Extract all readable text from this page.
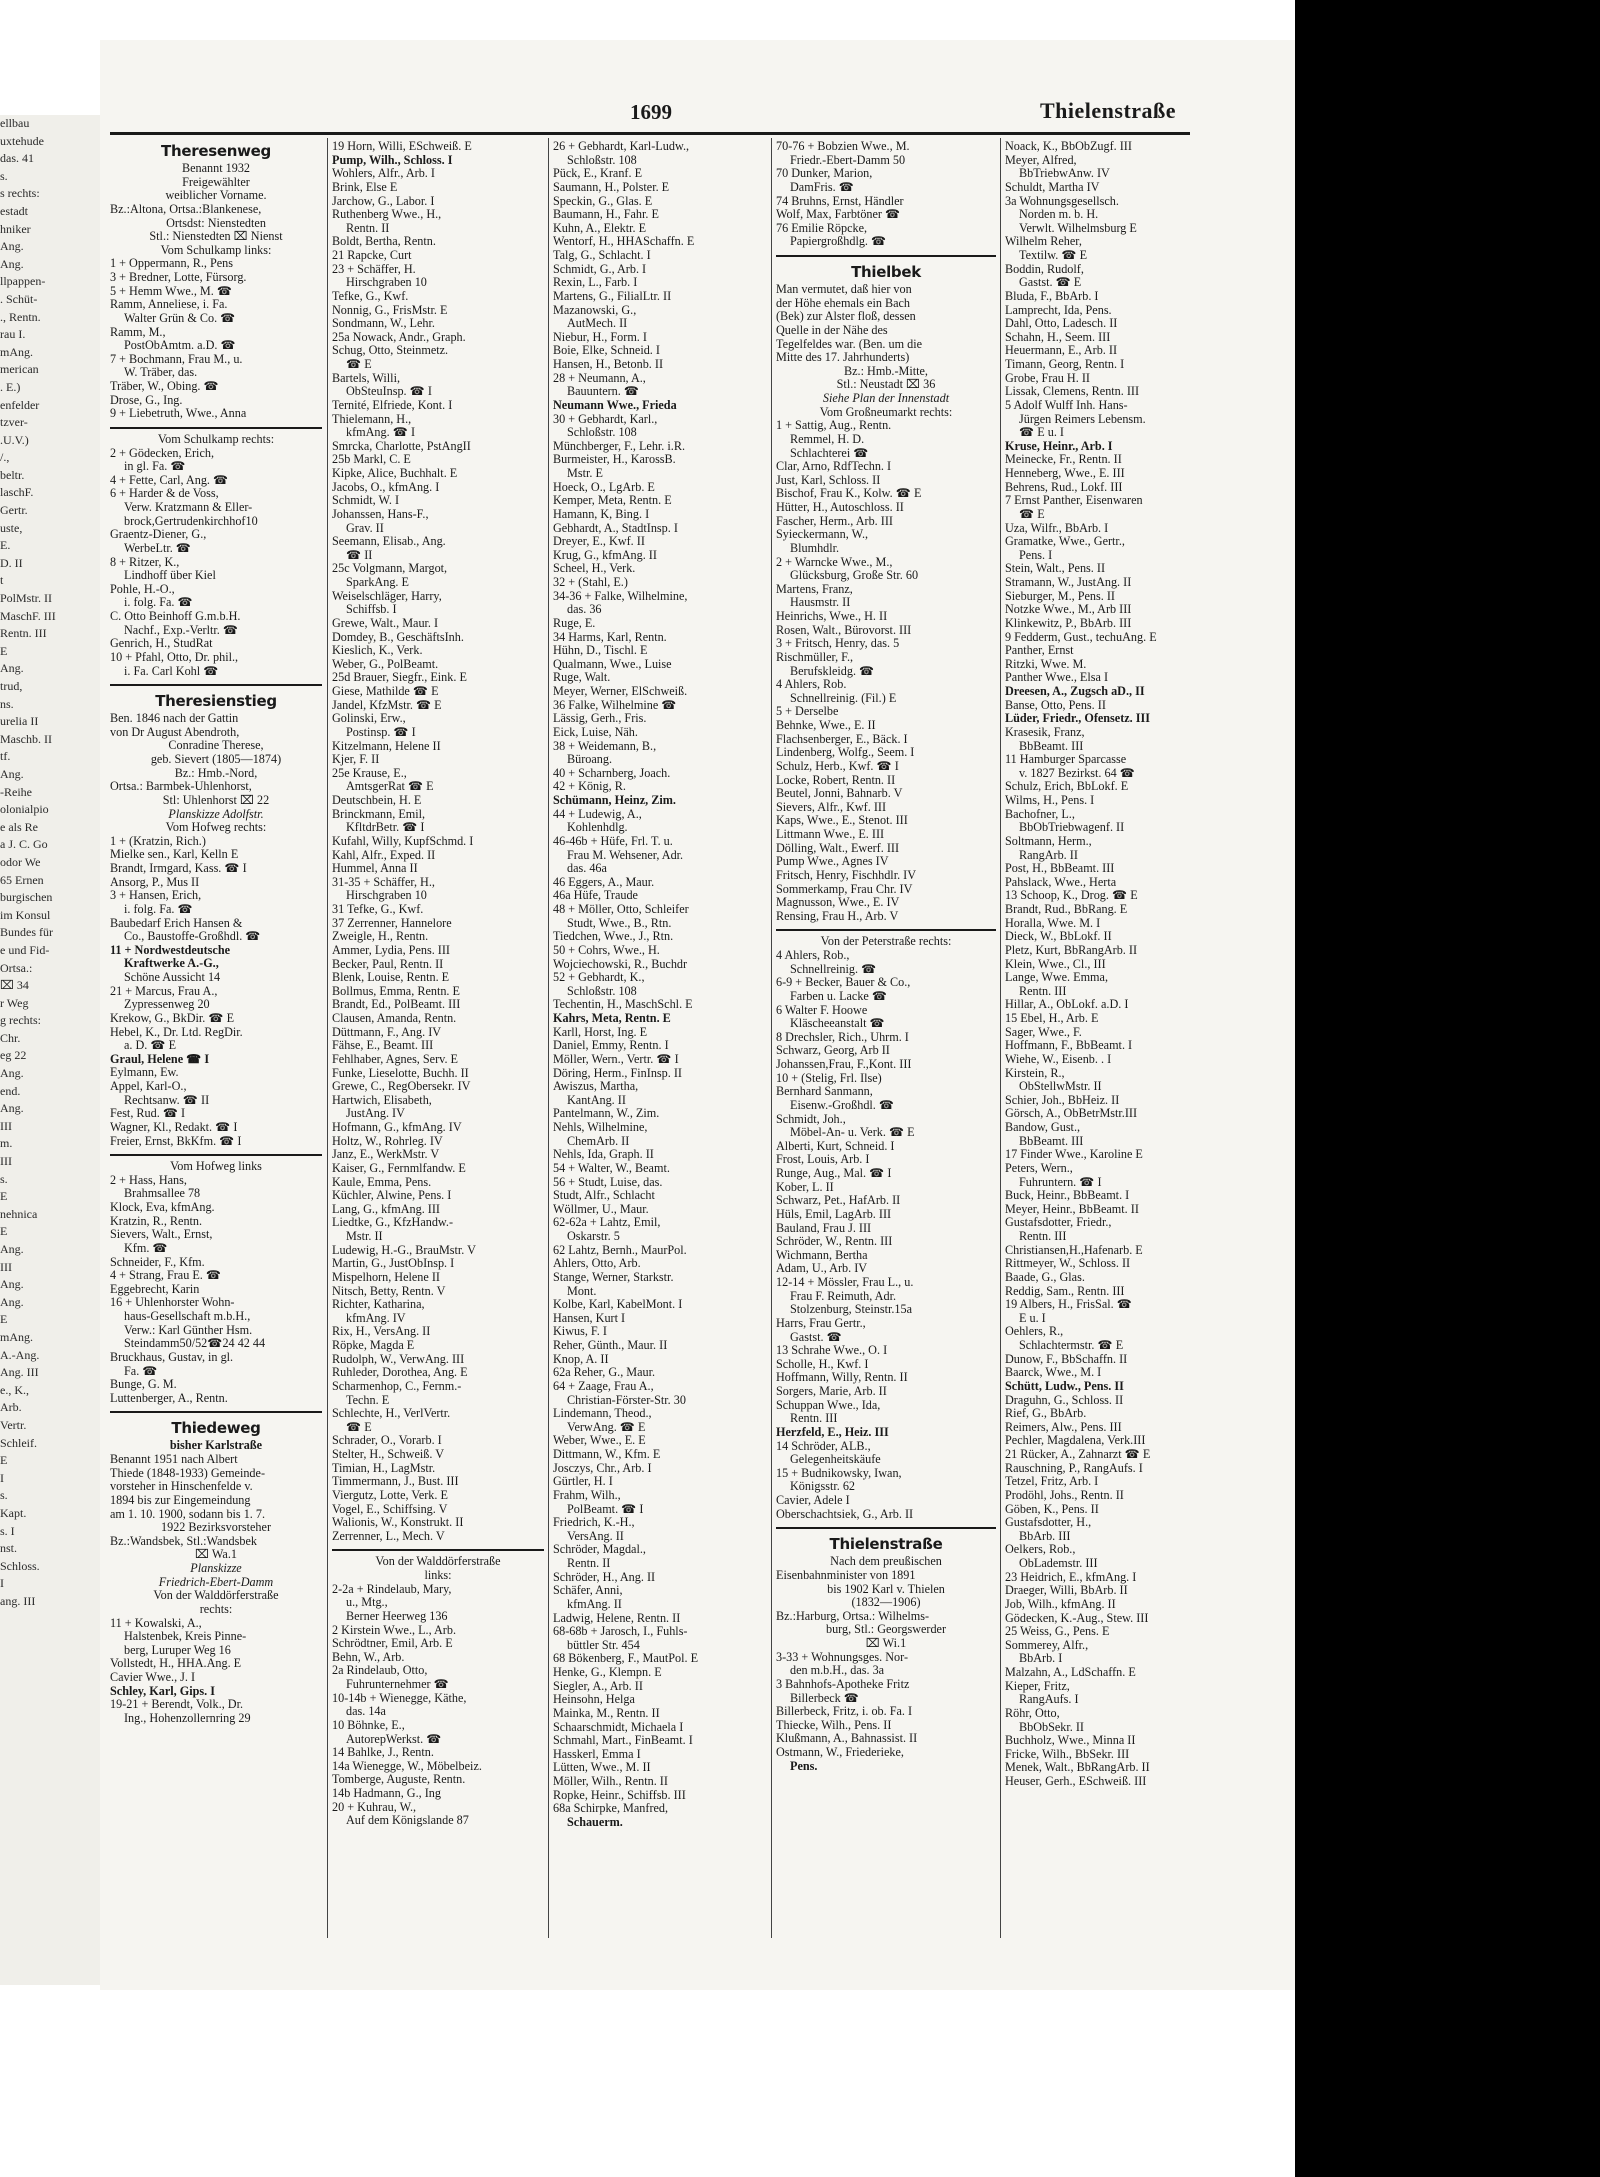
ellbau
uxtehude
das. 41
s.
s rechts:
estadt
hniker
Ang.
Ang.
llpappen-
. Schüt-
., Rentn.
rau I.
mAng.
merican
. E.)
enfelder
tzver-
.U.V.)
/.,
beltr.
laschF.
Gertr.
uste,
E.
D. II
t
PolMstr. II
MaschF. III
Rentn. III
E
Ang.
trud,
ns.
urelia II
Maschb. II
tf.
Ang.
-Reihe
olonialpio
e als Re
a J. C. Go
odor We
65 Ernen
burgischen
im Konsul
Bundes für
e und Fid-
Ortsa.:
⌧ 34
r Weg
g rechts:
Chr.
eg 22
Ang.
end.
Ang.
III
m.
III
s.
E
nehnica
E
Ang.
III
Ang.
Ang.
E
mAng.
A.-Ang.
Ang. III
e., K.,
Arb.
Vertr.
Schleif.
E
I
s.
Kapt.
s. I
nst.
Schloss.
I
ang. III
1699	Thielenstraße
Theresenweg
Benannt 1932
Freigewählter
weiblicher Vorname.
Bz.:Altona, Ortsa.:Blankenese,
Ortsdst: Nienstedten
Stl.: Nienstedten ⌧ Nienst
Vom Schulkamp links:
1 + Oppermann, R., Pens
3 + Bredner, Lotte, Fürsorg.
5 + Hemm Wwe., M. ☎
Ramm, Anneliese, i. Fa.
Walter Grün & Co. ☎
Ramm, M.,
PostObAmtm. a.D. ☎
7 + Bochmann, Frau M., u.
W. Träber, das.
Träber, W., Obing. ☎
Drose, G., Ing.
9 + Liebetruth, Wwe., Anna
Vom Schulkamp rechts:
2 + Gödecken, Erich,
in gl. Fa. ☎
4 + Fette, Carl, Ang. ☎
6 + Harder & de Voss,
Verw. Kratzmann & Eller-
brock,Gertrudenkirchhof10
Graentz-Diener, G.,
WerbeLtr. ☎
8 + Ritzer, K.,
Lindhoff über Kiel
Pohle, H.-O.,
i. folg. Fa. ☎
C. Otto Beinhoff G.m.b.H.
Nachf., Exp.-Verltr. ☎
Genrich, H., StudRat
10 + Pfahl, Otto, Dr. phil.,
i. Fa. Carl Kohl ☎
Theresienstieg
Ben. 1846 nach der Gattin
von Dr August Abendroth,
Conradine Therese,
geb. Sievert (1805—1874)
Bz.: Hmb.-Nord,
Ortsa.: Barmbek-Uhlenhorst,
Stl: Uhlenhorst ⌧ 22
Planskizze Adolfstr.
Vom Hofweg rechts:
1 + (Kratzin, Rich.)
Mielke sen., Karl, Kelln E
Brandt, Irmgard, Kass. ☎ I
Ansorg, P., Mus II
3 + Hansen, Erich,
i. folg. Fa. ☎
Baubedarf Erich Hansen &
Co., Baustoffe-Großhdl. ☎
11 + Nordwestdeutsche
Kraftwerke A.-G.,
Schöne Aussicht 14
21 + Marcus, Frau A.,
Zypressenweg 20
Krekow, G., BkDir. ☎ E
Hebel, K., Dr. Ltd. RegDir.
a. D. ☎ E
Graul, Helene ☎ I
Eylmann, Ew.
Appel, Karl-O.,
Rechtsanw. ☎ II
Fest, Rud. ☎ I
Wagner, Kl., Redakt. ☎ I
Freier, Ernst, BkKfm. ☎ I
Vom Hofweg links
2 + Hass, Hans,
Brahmsallee 78
Klock, Eva, kfmAng.
Kratzin, R., Rentn.
Sievers, Walt., Ernst,
Kfm. ☎
Schneider, F., Kfm.
4 + Strang, Frau E. ☎
Eggebrecht, Karin
16 + Uhlenhorster Wohn-
haus-Gesellschaft m.b.H.,
Verw.: Karl Günther Hsm.
Steindamm50/52☎24 42 44
Bruckhaus, Gustav, in gl.
Fa. ☎
Bunge, G. M.
Luttenberger, A., Rentn.
Thiedeweg
bisher Karlstraße
Benannt 1951 nach Albert
Thiede (1848-1933) Gemeinde-
vorsteher in Hinschenfelde v.
1894 bis zur Eingemeindung
am 1. 10. 1900, sodann bis 1. 7.
1922 Bezirksvorsteher
Bz.:Wandsbek, Stl.:Wandsbek
⌧ Wa.1
Planskizze
Friedrich-Ebert-Damm
Von der Walddörferstraße
rechts:
11 + Kowalski, A.,
Halstenbek, Kreis Pinne-
berg, Luruper Weg 16
Vollstedt, H., HHA.Ang. E
Cavier Wwe., J. I
Schley, Karl, Gips. I
19-21 + Berendt, Volk., Dr.
Ing., Hohenzollernring 29
19 Horn, Willi, ESchweiß. E
Pump, Wilh., Schloss. I
Wohlers, Alfr., Arb. I
Brink, Else E
Jarchow, G., Labor. I
Ruthenberg Wwe., H.,
Rentn. II
Boldt, Bertha, Rentn.
21 Rapcke, Curt
23 + Schäffer, H.
Hirschgraben 10
Tefke, G., Kwf.
Nonnig, G., FrisMstr. E
Sondmann, W., Lehr.
25a Nowack, Andr., Graph.
Schug, Otto, Steinmetz.
☎ E
Bartels, Willi,
ObSteuInsp. ☎ I
Ternité, Elfriede, Kont. I
Thielemann, H.,
kfmAng. ☎ I
Smrcka, Charlotte, PstAngII
25b Markl, C. E
Kipke, Alice, Buchhalt. E
Jacobs, O., kfmAng. I
Schmidt, W. I
Johanssen, Hans-F.,
Grav. II
Seemann, Elisab., Ang.
☎ II
25c Volgmann, Margot,
SparkAng. E
Weiselschläger, Harry,
Schiffsb. I
Grewe, Walt., Maur. I
Domdey, B., GeschäftsInh.
Kieslich, K., Verk.
Weber, G., PolBeamt.
25d Brauer, Siegfr., Eink. E
Giese, Mathilde ☎ E
Jandel, KfzMstr. ☎ E
Golinski, Erw.,
Postinsp. ☎ I
Kitzelmann, Helene II
Kjer, F. II
25e Krause, E.,
AmtsgerRat ☎ E
Deutschbein, H. E
Brinckmann, Emil,
KfltdrBetr. ☎ I
Kufahl, Willy, KupfSchmd. I
Kahl, Alfr., Exped. II
Hummel, Anna II
31-35 + Schäffer, H.,
Hirschgraben 10
31 Tefke, G., Kwf.
37 Zerrenner, Hannelore
Zweigle, H., Rentn.
Ammer, Lydia, Pens. III
Becker, Paul, Rentn. II
Blenk, Louise, Rentn. E
Bollmus, Emma, Rentn. E
Brandt, Ed., PolBeamt. III
Clausen, Amanda, Rentn.
Düttmann, F., Ang. IV
Fähse, E., Beamt. III
Fehlhaber, Agnes, Serv. E
Funke, Lieselotte, Buchh. II
Grewe, C., RegObersekr. IV
Hartwich, Elisabeth,
JustAng. IV
Hofmann, G., kfmAng. IV
Holtz, W., Rohrleg. IV
Janz, E., WerkMstr. V
Kaiser, G., Fernmlfandw. E
Kaule, Emma, Pens.
Küchler, Alwine, Pens. I
Lang, G., kfmAng. III
Liedtke, G., KfzHandw.-
Mstr. II
Ludewig, H.-G., BrauMstr. V
Martin, G., JustObInsp. I
Mispelhorn, Helene II
Nitsch, Betty, Rentn. V
Richter, Katharina,
kfmAng. IV
Rix, H., VersAng. II
Röpke, Magda E
Rudolph, W., VerwAng. III
Ruhleder, Dorothea, Ang. E
Scharmenhop, C., Fernm.-
Techn. E
Schlechte, H., VerlVertr.
☎ E
Schrader, O., Vorarb. I
Stelter, H., Schweiß. V
Timian, H., LagMstr.
Timmermann, J., Bust. III
Viergutz, Lotte, Verk. E
Vogel, E., Schiffsing. V
Walionis, W., Konstrukt. II
Zerrenner, L., Mech. V
Von der Walddörferstraße
links:
2-2a + Rindelaub, Mary,
u., Mtg.,
Berner Heerweg 136
2 Kirstein Wwe., L., Arb.
Schrödtner, Emil, Arb. E
Behn, W., Arb.
2a Rindelaub, Otto,
Fuhrunternehmer ☎
10-14b + Wienegge, Käthe,
das. 14a
10 Böhnke, E.,
AutorepWerkst. ☎
14 Bahlke, J., Rentn.
14a Wienegge, W., Möbelbeiz.
Tomberge, Auguste, Rentn.
14b Hadmann, G., Ing
20 + Kuhrau, W.,
Auf dem Königslande 87
26 + Gebhardt, Karl-Ludw.,
Schloßstr. 108
Pück, E., Kranf. E
Saumann, H., Polster. E
Speckin, G., Glas. E
Baumann, H., Fahr. E
Kuhn, A., Elektr. E
Wentorf, H., HHASchaffn. E
Talg, G., Schlacht. I
Schmidt, G., Arb. I
Rexin, L., Farb. I
Martens, G., FilialLtr. II
Mazanowski, G.,
AutMech. II
Niebur, H., Form. I
Boie, Elke, Schneid. I
Hansen, H., Betonb. II
28 + Neumann, A.,
Bauuntern. ☎
Neumann Wwe., Frieda
30 + Gebhardt, Karl.,
Schloßstr. 108
Münchberger, F., Lehr. i.R.
Burmeister, H., KarossB.
Mstr. E
Hoeck, O., LgArb. E
Kemper, Meta, Rentn. E
Hamann, K, Bing. I
Gebhardt, A., StadtInsp. I
Dreyer, E., Kwf. II
Krug, G., kfmAng. II
Scheel, H., Verk.
32 + (Stahl, E.)
34-36 + Falke, Wilhelmine,
das. 36
Ruge, E.
34 Harms, Karl, Rentn.
Hühn, D., Tischl. E
Qualmann, Wwe., Luise
Ruge, Walt.
Meyer, Werner, ElSchweiß.
36 Falke, Wilhelmine ☎
Lässig, Gerh., Fris.
Eick, Luise, Näh.
38 + Weidemann, B.,
Büroang.
40 + Scharnberg, Joach.
42 + König, R.
Schümann, Heinz, Zim.
44 + Ludewig, A.,
Kohlenhdlg.
46-46b + Hüfe, Frl. T. u.
Frau M. Wehsener, Adr.
das. 46a
46 Eggers, A., Maur.
46a Hüfe, Traude
48 + Möller, Otto, Schleifer
Studt, Wwe., B., Rtn.
Tiedchen, Wwe., J., Rtn.
50 + Cohrs, Wwe., H.
Wojciechowski, R., Buchdr
52 + Gebhardt, K.,
Schloßstr. 108
Techentin, H., MaschSchl. E
Kahrs, Meta, Rentn. E
Karll, Horst, Ing. E
Daniel, Emmy, Rentn. I
Möller, Wern., Vertr. ☎ I
Döring, Herm., FinInsp. II
Awiszus, Martha,
KantAng. II
Pantelmann, W., Zim.
Nehls, Wilhelmine,
ChemArb. II
Nehls, Ida, Graph. II
54 + Walter, W., Beamt.
56 + Studt, Luise, das.
Studt, Alfr., Schlacht
Wöllmer, U., Maur.
62-62a + Lahtz, Emil,
Oskarstr. 5
62 Lahtz, Bernh., MaurPol.
Ahlers, Otto, Arb.
Stange, Werner, Starkstr.
Mont.
Kolbe, Karl, KabelMont. I
Hansen, Kurt I
Kiwus, F. I
Reher, Günth., Maur. II
Knop, A. II
62a Reher, G., Maur.
64 + Zaage, Frau A.,
Christian-Förster-Str. 30
Lindemann, Theod.,
VerwAng. ☎ E
Weber, Wwe., E. E
Dittmann, W., Kfm. E
Josczys, Chr., Arb. I
Gürtler, H. I
Frahm, Wilh.,
PolBeamt. ☎ I
Friedrich, K.-H.,
VersAng. II
Schröder, Magdal.,
Rentn. II
Schröder, H., Ang. II
Schäfer, Anni,
kfmAng. II
Ladwig, Helene, Rentn. II
68-68b + Jarosch, I., Fuhls-
büttler Str. 454
68 Bökenberg, F., MautPol. E
Henke, G., Klempn. E
Siegler, A., Arb. II
Heinsohn, Helga
Mainka, M., Rentn. II
Schaarschmidt, Michaela I
Schmahl, Mart., FinBeamt. I
Hasskerl, Emma I
Lütten, Wwe., M. II
Möller, Wilh., Rentn. II
Ropke, Heinr., Schiffsb. III
68a Schirpke, Manfred,
Schauerm.
70-76 + Bobzien Wwe., M.
Friedr.-Ebert-Damm 50
70 Dunker, Marion,
DamFris. ☎
74 Bruhns, Ernst, Händler
Wolf, Max, Farbtöner ☎
76 Emilie Röpcke,
Papiergroßhdlg. ☎
Thielbek
Man vermutet, daß hier von
der Höhe ehemals ein Bach
(Bek) zur Alster floß, dessen
Quelle in der Nähe des
Tegelfeldes war. (Ben. um die
Mitte des 17. Jahrhunderts)
Bz.: Hmb.-Mitte,
Stl.: Neustadt ⌧ 36
Siehe Plan der Innenstadt
Vom Großneumarkt rechts:
1 + Sattig, Aug., Rentn.
Remmel, H. D.
Schlachterei ☎
Clar, Arno, RdfTechn. I
Just, Karl, Schloss. II
Bischof, Frau K., Kolw. ☎ E
Hütter, H., Autoschloss. II
Fascher, Herm., Arb. III
Syieckermann, W.,
Blumhdlr.
2 + Warncke Wwe., M.,
Glücksburg, Große Str. 60
Martens, Franz,
Hausmstr. II
Heinrichs, Wwe., H. II
Rosen, Walt., Bürovorst. III
3 + Fritsch, Henry, das. 5
Rischmüller, F.,
Berufskleidg. ☎
4 Ahlers, Rob.
Schnellreinig. (Fil.) E
5 + Derselbe
Behnke, Wwe., E. II
Flachsenberger, E., Bäck. I
Lindenberg, Wolfg., Seem. I
Schulz, Herb., Kwf. ☎ I
Locke, Robert, Rentn. II
Beutel, Jonni, Bahnarb. V
Sievers, Alfr., Kwf. III
Kaps, Wwe., E., Stenot. III
Littmann Wwe., E. III
Dölling, Walt., Ewerf. III
Pump Wwe., Agnes IV
Fritsch, Henry, Fischhdlr. IV
Sommerkamp, Frau Chr. IV
Magnusson, Wwe., E. IV
Rensing, Frau H., Arb. V
Von der Peterstraße rechts:
4 Ahlers, Rob.,
Schnellreinig. ☎
6-9 + Becker, Bauer & Co.,
Farben u. Lacke ☎
6 Walter F. Hoowe
Kläscheeanstalt ☎
8 Drechsler, Rich., Uhrm. I
Schwarz, Georg, Arb II
Johanssen,Frau, F.,Kont. III
10 + (Stelig, Frl. Ilse)
Bernhard Sanmann,
Eisenw.-Großhdl. ☎
Schmidt, Joh.,
Möbel-An- u. Verk. ☎ E
Alberti, Kurt, Schneid. I
Frost, Louis, Arb. I
Runge, Aug., Mal. ☎ I
Kober, L. II
Schwarz, Pet., HafArb. II
Hüls, Emil, LagArb. III
Bauland, Frau J. III
Schröder, W., Rentn. III
Wichmann, Bertha
Adam, U., Arb. IV
12-14 + Mössler, Frau L., u.
Frau F. Reimuth, Adr.
Stolzenburg, Steinstr.15a
Harrs, Frau Gertr.,
Gastst. ☎
13 Schrahe Wwe., O. I
Scholle, H., Kwf. I
Hoffmann, Willy, Rentn. II
Sorgers, Marie, Arb. II
Schuppan Wwe., Ida,
Rentn. III
Herzfeld, E., Heiz. III
14 Schröder, ALB.,
Gelegenheitskäufe
15 + Budnikowsky, Iwan,
Königsstr. 62
Cavier, Adele I
Oberschachtsiek, G., Arb. II
Thielenstraße
Nach dem preußischen
Eisenbahnminister von 1891
bis 1902 Karl v. Thielen
(1832—1906)
Bz.:Harburg, Ortsa.: Wilhelms-
burg, Stl.: Georgswerder
⌧ Wi.1
3-33 + Wohnungsges. Nor-
den m.b.H., das. 3a
3 Bahnhofs-Apotheke Fritz
Billerbeck ☎
Billerbeck, Fritz, i. ob. Fa. I
Thiecke, Wilh., Pens. II
Klußmann, A., Bahnassist. II
Ostmann, W., Friederieke,
Pens.
Noack, K., BbObZugf. III
Meyer, Alfred,
BbTriebwAnw. IV
Schuldt, Martha IV
3a Wohnungsgesellsch.
Norden m. b. H.
Verwlt. Wilhelmsburg E
Wilhelm Reher,
Textilw. ☎ E
Boddin, Rudolf,
Gastst. ☎ E
Bluda, F., BbArb. I
Lamprecht, Ida, Pens.
Dahl, Otto, Ladesch. II
Schahn, H., Seem. III
Heuermann, E., Arb. II
Timann, Georg, Rentn. I
Grobe, Frau H. II
Lissak, Clemens, Rentn. III
5 Adolf Wulff Inh. Hans-
Jürgen Reimers Lebensm.
☎ E u. I
Kruse, Heinr., Arb. I
Meinecke, Fr., Rentn. II
Henneberg, Wwe., E. III
Behrens, Rud., Lokf. III
7 Ernst Panther, Eisenwaren
☎ E
Uza, Wilfr., BbArb. I
Gramatke, Wwe., Gertr.,
Pens. I
Stein, Walt., Pens. II
Stramann, W., JustAng. II
Sieburger, M., Pens. II
Notzke Wwe., M., Arb III
Klinkewitz, P., BbArb. III
9 Fedderm, Gust., techuAng. E
Panther, Ernst
Ritzki, Wwe. M.
Panther Wwe., Elsa I
Dreesen, A., Zugsch aD., II
Banse, Otto, Pens. II
Lüder, Friedr., Ofensetz. III
Krasesik, Franz,
BbBeamt. III
11 Hamburger Sparcasse
v. 1827 Bezirkst. 64 ☎
Schulz, Erich, BbLokf. E
Wilms, H., Pens. I
Bachofner, L.,
BbObTriebwagenf. II
Soltmann, Herm.,
RangArb. II
Post, H., BbBeamt. III
Pahslack, Wwe., Herta
13 Schoop, K., Drog. ☎ E
Brandt, Rud., BbRang. E
Horalla, Wwe. M. I
Dieck, W., BbLokf. II
Pletz, Kurt, BbRangArb. II
Klein, Wwe., Cl., III
Lange, Wwe. Emma,
Rentn. III
Hillar, A., ObLokf. a.D. I
15 Ebel, H., Arb. E
Sager, Wwe., F.
Hoffmann, F., BbBeamt. I
Wiehe, W., Eisenb. . I
Kirstein, R.,
ObStellwMstr. II
Schier, Joh., BbHeiz. II
Görsch, A., ObBetrMstr.III
Bandow, Gust.,
BbBeamt. III
17 Finder Wwe., Karoline E
Peters, Wern.,
Fuhruntern. ☎ I
Buck, Heinr., BbBeamt. I
Meyer, Heinr., BbBeamt. II
Gustafsdotter, Friedr.,
Rentn. III
Christiansen,H.,Hafenarb. E
Rittmeyer, W., Schloss. II
Baade, G., Glas.
Reddig, Sam., Rentn. III
19 Albers, H., FrisSal. ☎
E u. I
Oehlers, R.,
Schlachtermstr. ☎ E
Dunow, F., BbSchaffn. II
Baarck, Wwe., M. I
Schütt, Ludw., Pens. II
Draguhn, G., Schloss. II
Rief, G., BbArb.
Reimers, Alw., Pens. III
Pechler, Magdalena, Verk.III
21 Rücker, A., Zahnarzt ☎ E
Rauschning, P., RangAufs. I
Tetzel, Fritz, Arb. I
Prodöhl, Johs., Rentn. II
Göben, K., Pens. II
Gustafsdotter, H.,
BbArb. III
Oelkers, Rob.,
ObLademstr. III
23 Heidrich, E., kfmAng. I
Draeger, Willi, BbArb. II
Job, Wilh., kfmAng. II
Gödecken, K.-Aug., Stew. III
25 Weiss, G., Pens. E
Sommerey, Alfr.,
BbArb. I
Malzahn, A., LdSchaffn. E
Kieper, Fritz,
RangAufs. I
Röhr, Otto,
BbObSekr. II
Buchholz, Wwe., Minna II
Fricke, Wilh., BbSekr. III
Menek, Walt., BbRangArb. II
Heuser, Gerh., ESchweiß. III
